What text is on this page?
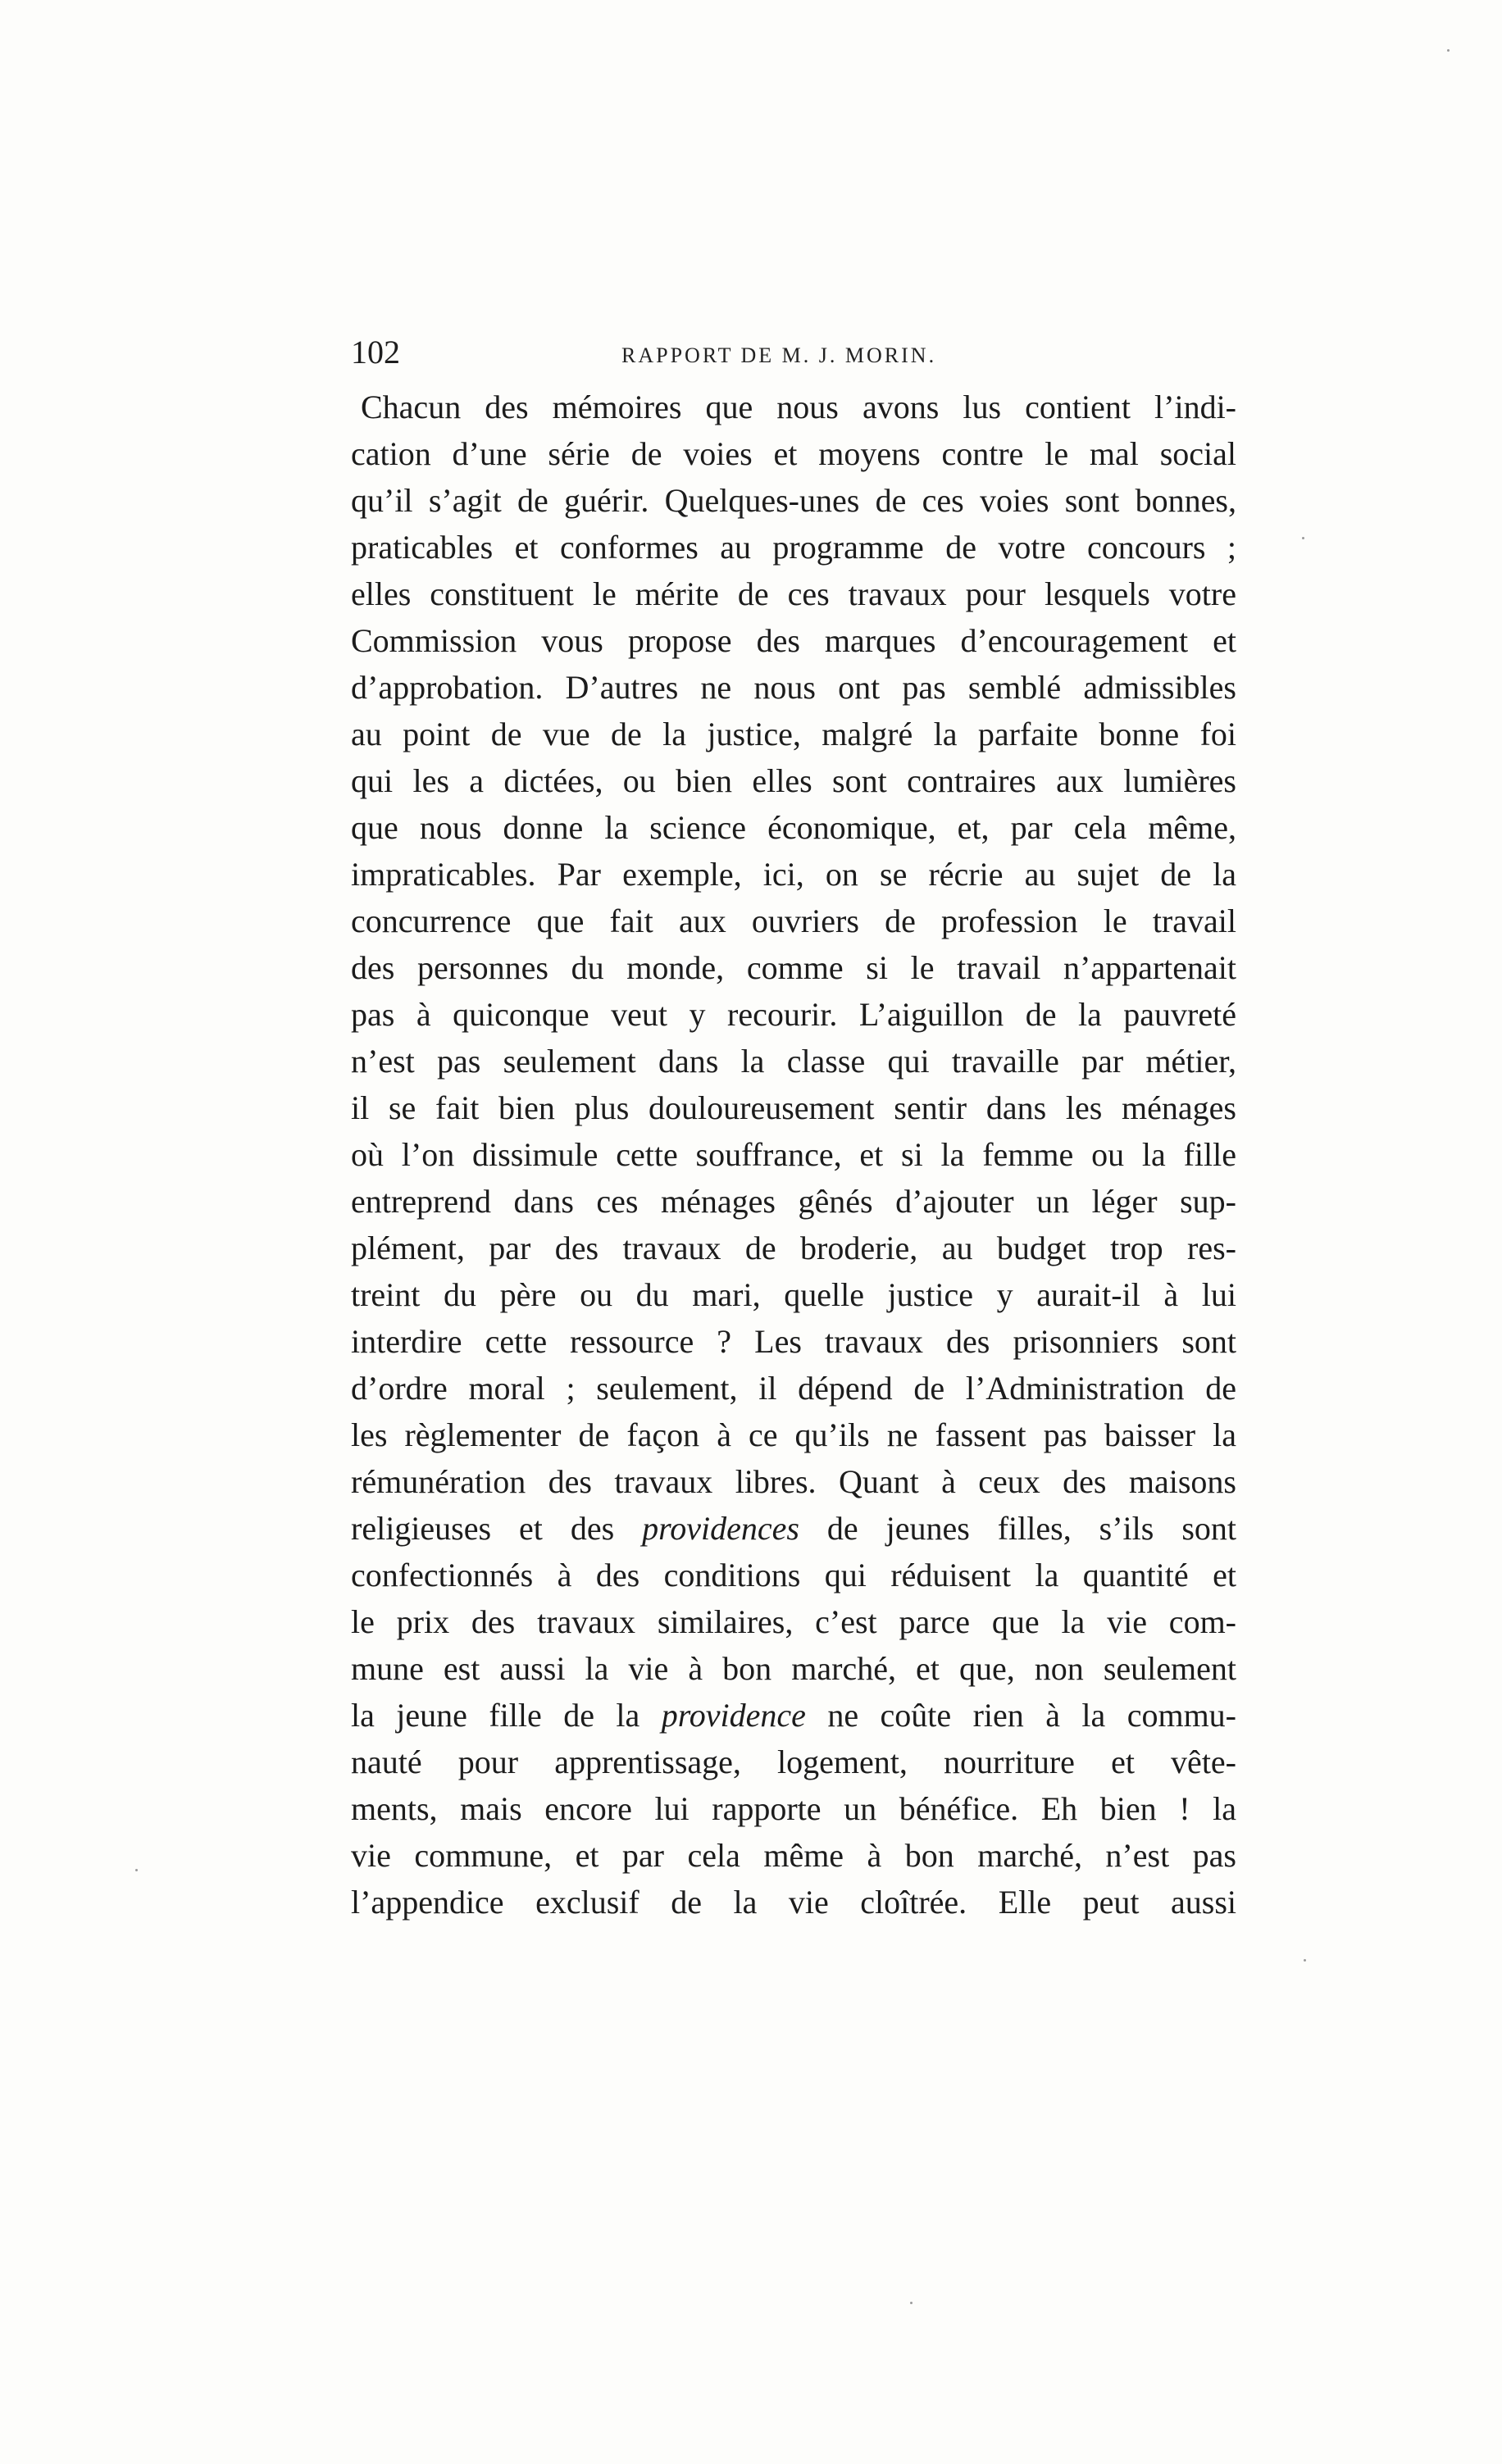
102	RAPPORT DE M. J. MORIN.
Chacun des mémoires que nous avons lus contient l’indi-
cation d’une série de voies et moyens contre le mal social
qu’il s’agit de guérir. Quelques-unes de ces voies sont bonnes,
praticables et conformes au programme de votre concours ;
elles constituent le mérite de ces travaux pour lesquels votre
Commission vous propose des marques d’encouragement et
d’approbation. D’autres ne nous ont pas semblé admissibles
au point de vue de la justice, malgré la parfaite bonne foi
qui les a dictées, ou bien elles sont contraires aux lumières
que nous donne la science économique, et, par cela même,
impraticables. Par exemple, ici, on se récrie au sujet de la
concurrence que fait aux ouvriers de profession le travail
des personnes du monde, comme si le travail n’appartenait
pas à quiconque veut y recourir. L’aiguillon de la pauvreté
n’est pas seulement dans la classe qui travaille par métier,
il se fait bien plus douloureusement sentir dans les ménages
où l’on dissimule cette souffrance, et si la femme ou la fille
entreprend dans ces ménages gênés d’ajouter un léger sup-
plément, par des travaux de broderie, au budget trop res-
treint du père ou du mari, quelle justice y aurait-il à lui
interdire cette ressource ? Les travaux des prisonniers sont
d’ordre moral ; seulement, il dépend de l’Administration de
les règlementer de façon à ce qu’ils ne fassent pas baisser la
rémunération des travaux libres. Quant à ceux des maisons
religieuses et des providences de jeunes filles, s’ils sont
confectionnés à des conditions qui réduisent la quantité et
le prix des travaux similaires, c’est parce que la vie com-
mune est aussi la vie à bon marché, et que, non seulement
la jeune fille de la providence ne coûte rien à la commu-
nauté pour apprentissage, logement, nourriture et vête-
ments, mais encore lui rapporte un bénéfice. Eh bien ! la
vie commune, et par cela même à bon marché, n’est pas
l’appendice exclusif de la vie cloîtrée. Elle peut aussi
